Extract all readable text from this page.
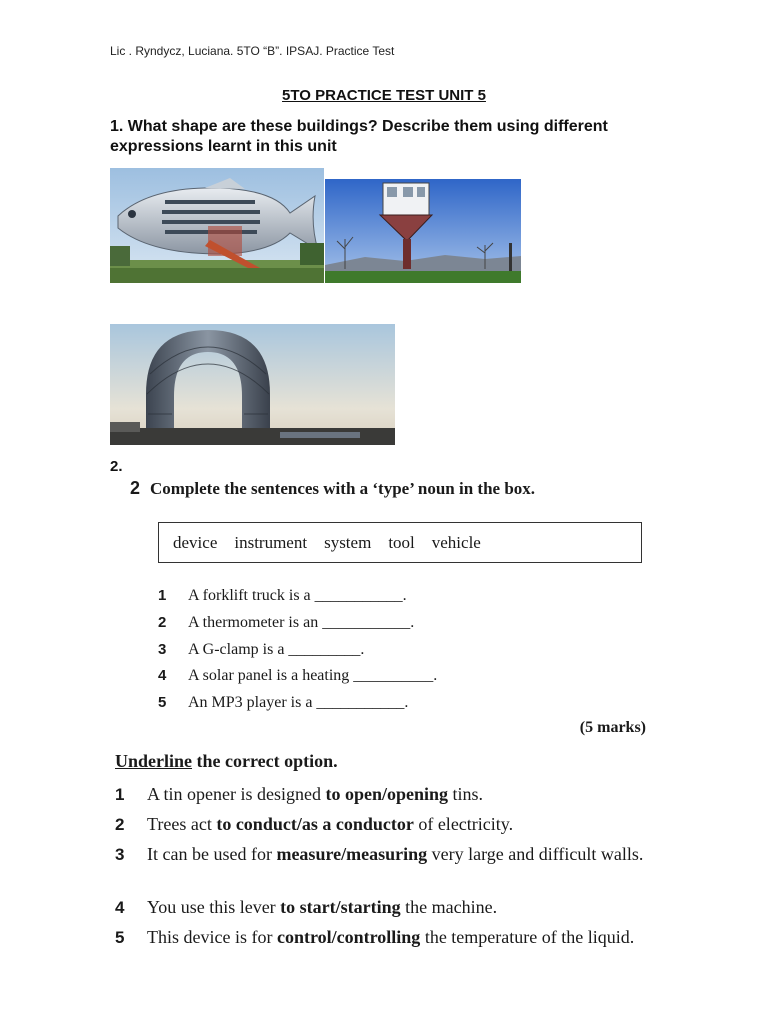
Lic . Ryndycz, Luciana. 5TO “B”. IPSAJ. Practice Test
5TO PRACTICE TEST UNIT 5
1. What shape are these buildings? Describe them using different expressions learnt in this unit
2.
2 Complete the sentences with a ‘type’ noun in the box.
device instrument system tool vehicle
1 A forklift truck is a ___________.
2 A thermometer is an ___________.
3 A G-clamp is a _________.
4 A solar panel is a heating __________.
5 An MP3 player is a ___________.
(5 marks)
Underline the correct option.
1 A tin opener is designed to open/opening tins.
2 Trees act to conduct/as a conductor of electricity.
3 It can be used for measure/measuring very large and difficult walls.
4 You use this lever to start/starting the machine.
5 This device is for control/controlling the temperature of the liquid.
